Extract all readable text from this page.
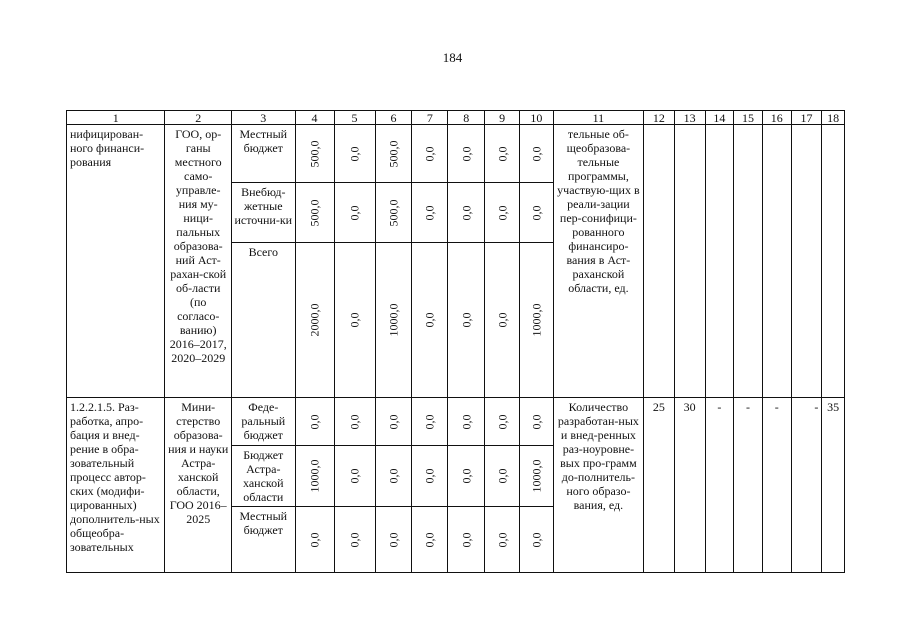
184
1	2	3	4	5	6	7	8	9	10	11	12	13	14	15	16	17	18
нифицирован-ного финанси-рования	ГОО, ор-ганы местного само-управле-ния му-ници-пальных образова-ний Аст-рахан-ской об-ласти (по согласо-ванию) 2016–2017, 2020–2029	Местный бюджет	500,0	0,0	500,0	0,0	0,0	0,0	0,0	тельные об-щеобразова-тельные программы, участвую-щих в реали-зации пер-сонифици-рованного финансиро-вания в Аст-раханской области, ед.							
		Внебюд-жетные источни-ки	500,0	0,0	500,0	0,0	0,0	0,0	0,0								
		Всего	2000,0	0,0	1000,0	0,0	0,0	0,0	1000,0								
1.2.2.1.5. Раз-работка, апро-бация и внед-рение в обра-зовательный процесс автор-ских (модифи-цированных) дополнитель-ных общеобра-зовательных	Мини-стерство образова-ния и науки Астра-ханской области, ГОО 2016–2025	Феде-ральный бюджет	0,0	0,0	0,0	0,0	0,0	0,0	0,0	Количество разработан-ных и внед-ренных раз-ноуровне-вых про-грамм до-полнитель-ного образо-вания, ед.	25	30	-	-	-	-	35
		Бюджет Астра-ханской области	1000,0	0,0	0,0	0,0	0,0	0,0	1000,0								
		Местный бюджет	0,0	0,0	0,0	0,0	0,0	0,0	0,0								
